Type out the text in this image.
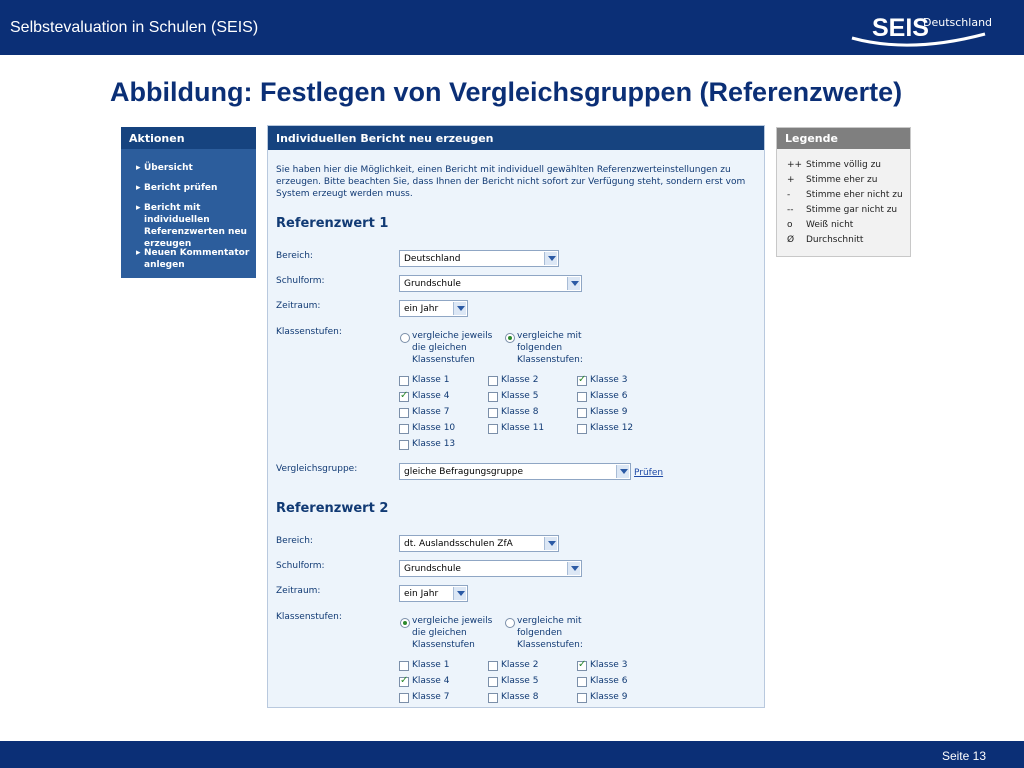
Selbstevaluation in Schulen (SEIS)	SEIS
Deutschland
Abbildung: Festlegen von Vergleichsgruppen (Referenzwerte)
Aktionen
▸ Übersicht
▸ Bericht prüfen
▸ Bericht mit individuellen Referenzwerten neu erzeugen
▸ Neuen Kommentator anlegen
Individuellen Bericht neu erzeugen
Sie haben hier die Möglichkeit, einen Bericht mit individuell gewählten Referenzwerteinstellungen zu erzeugen. Bitte beachten Sie, dass Ihnen der Bericht nicht sofort zur Verfügung steht, sondern erst vom System erzeugt werden muss.
Referenzwert 1
Bereich:	Deutschland
Schulform:	Grundschule
Zeitraum:	ein Jahr
Klassenstufen:	vergleiche jeweils die gleichen Klassenstufen
vergleiche mit folgenden Klassenstufen:
Klasse 1	Klasse 2 ✓	Klasse 3
✓
Klasse 4	Klasse 5	Klasse 6
Klasse 7	Klasse 8	Klasse 9
Klasse 10	Klasse 11	Klasse 12
Klasse 13
Vergleichsgruppe:	gleiche Befragungsgruppe	Prüfen
Referenzwert 2
Bereich:	dt. Auslandsschulen ZfA
Schulform:	Grundschule
Zeitraum:	ein Jahr
Klassenstufen:	vergleiche jeweils die gleichen Klassenstufen
vergleiche mit folgenden Klassenstufen:
Klasse 1	Klasse 2 ✓	Klasse 3
✓
Klasse 4	Klasse 5	Klasse 6
Klasse 7	Klasse 8	Klasse 9
Legende
++ Stimme völlig zu
+	Stimme eher zu
-	Stimme eher nicht zu
--	Stimme gar nicht zu
o	Weiß nicht
Ø	Durchschnitt
Seite 13
